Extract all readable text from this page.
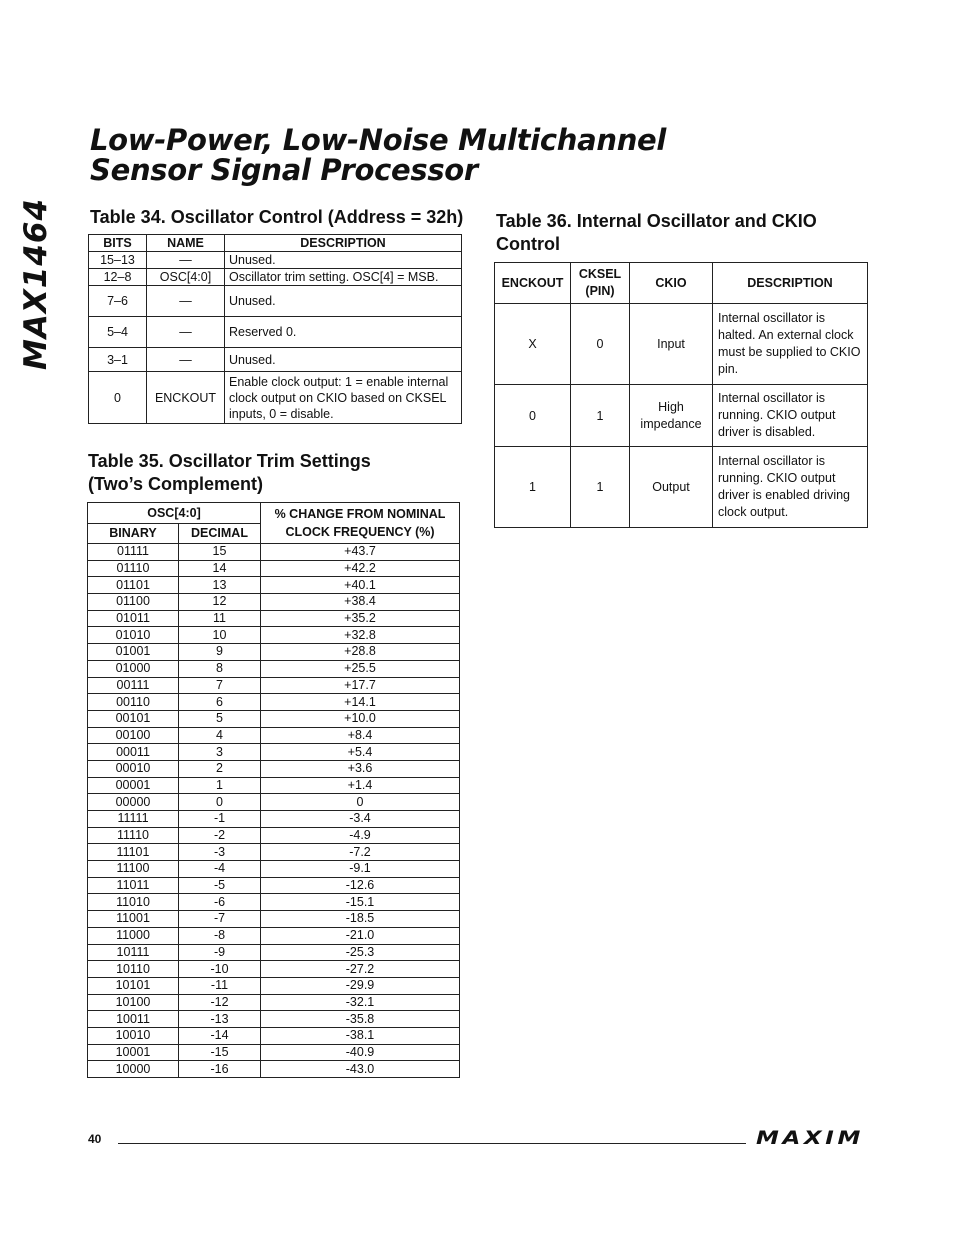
MAX1464
Low-Power, Low-Noise Multichannel
Sensor Signal Processor
Table 34. Oscillator Control (Address = 32h)
BITS	NAME	DESCRIPTION
15–13	—	Unused.
12–8	OSC[4:0]	Oscillator trim setting. OSC[4] = MSB.
7–6	—	Unused.
5–4	—	Reserved 0.
3–1	—	Unused.
0	ENCKOUT	Enable clock output: 1 = enable internal clock output on CKIO based on CKSEL inputs, 0 = disable.
Table 35. Oscillator Trim Settings
(Two’s Complement)
OSC[4:0]		% CHANGE FROM NOMINAL CLOCK FREQUENCY (%)
BINARY	DECIMAL	
01111	15	+43.7
01110	14	+42.2
01101	13	+40.1
01100	12	+38.4
01011	11	+35.2
01010	10	+32.8
01001	9	+28.8
01000	8	+25.5
00111	7	+17.7
00110	6	+14.1
00101	5	+10.0
00100	4	+8.4
00011	3	+5.4
00010	2	+3.6
00001	1	+1.4
00000	0	0
11111	-1	-3.4
11110	-2	-4.9
11101	-3	-7.2
11100	-4	-9.1
11011	-5	-12.6
11010	-6	-15.1
11001	-7	-18.5
11000	-8	-21.0
10111	-9	-25.3
10110	-10	-27.2
10101	-11	-29.9
10100	-12	-32.1
10011	-13	-35.8
10010	-14	-38.1
10001	-15	-40.9
10000	-16	-43.0
Table 36. Internal Oscillator and CKIO
Control
ENCKOUT	CKSEL (PIN)	CKIO	DESCRIPTION
X	0	Input	Internal oscillator is halted. An external clock must be supplied to CKIO pin.
0	1	High impedance	Internal oscillator is running. CKIO output driver is disabled.
1	1	Output	Internal oscillator is running. CKIO output driver is enabled driving clock output.
40	MAXIM
